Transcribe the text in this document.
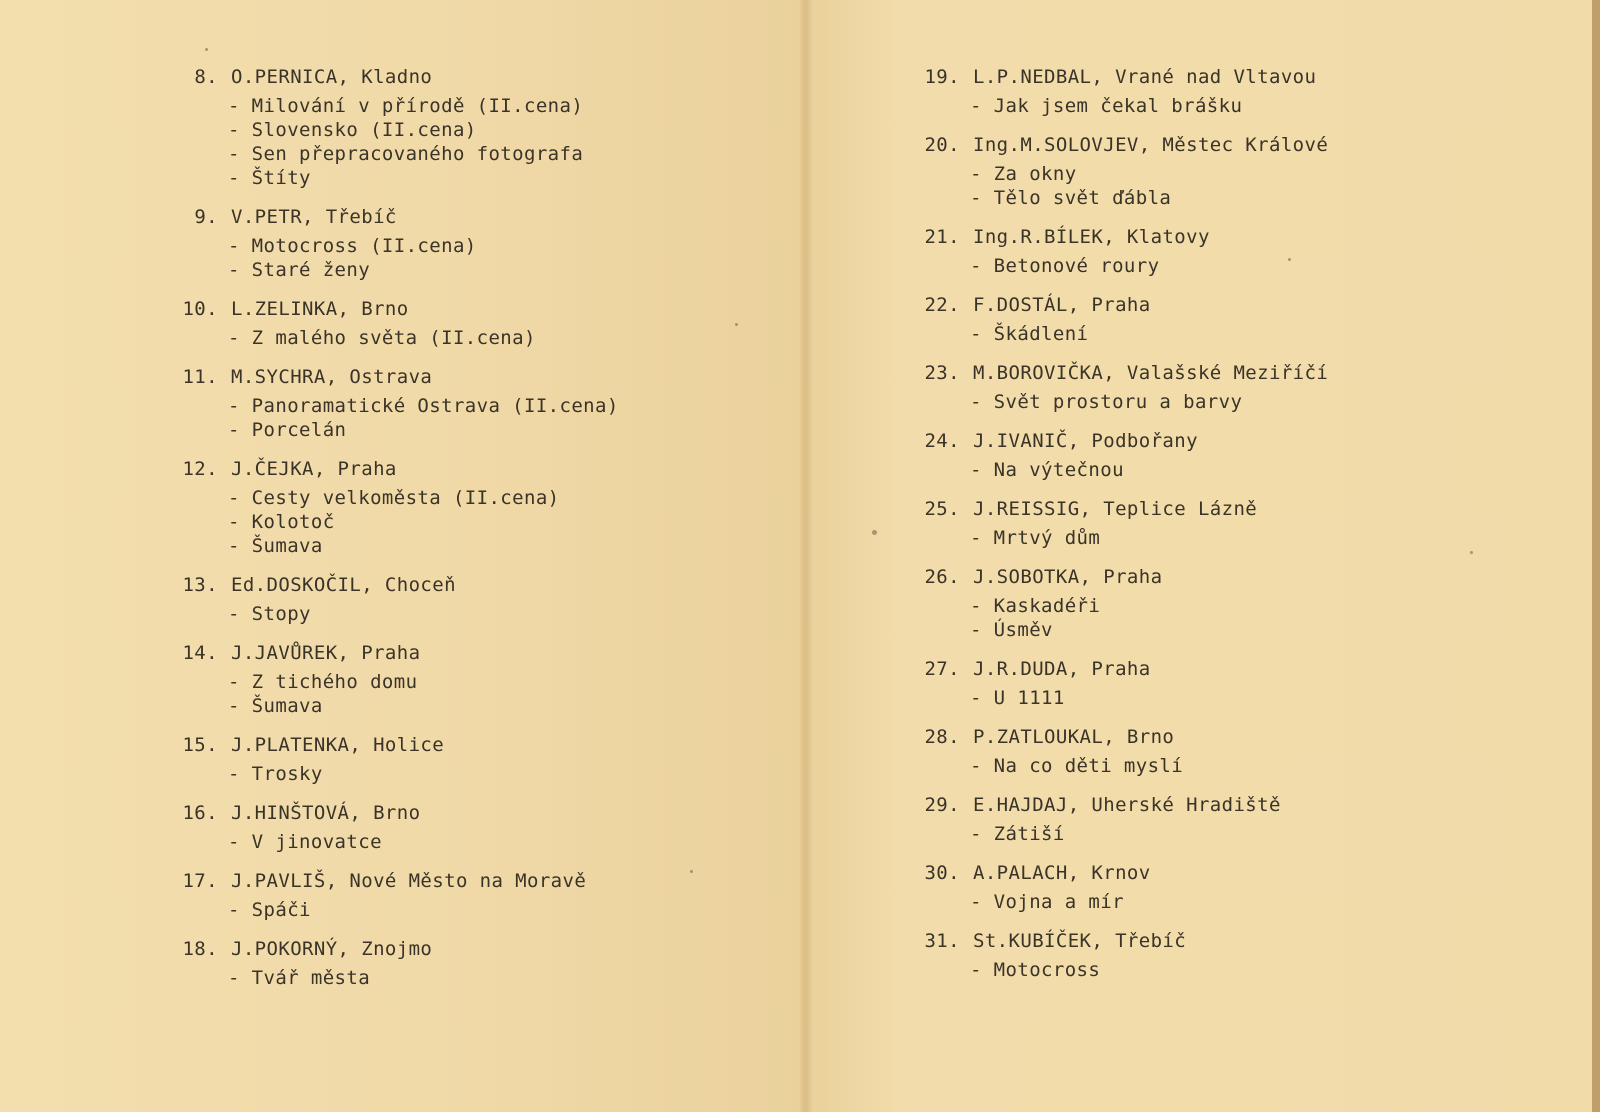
8. O.PERNICA, Kladno
- Milování v přírodě (II.cena)
- Slovensko (II.cena)
- Sen přepracovaného fotografa
- Štíty
9. V.PETR, Třebíč
- Motocross (II.cena)
- Staré ženy
10. L.ZELINKA, Brno
- Z malého světa (II.cena)
11. M.SYCHRA, Ostrava
- Panoramatické Ostrava (II.cena)
- Porcelán
12. J.ČEJKA, Praha
- Cesty velkoměsta (II.cena)
- Kolotoč
- Šumava
13. Ed.DOSKOČIL, Choceň
- Stopy
14. J.JAVŮREK, Praha
- Z tichého domu
- Šumava
15. J.PLATENKA, Holice
- Trosky
16. J.HINŠTOVÁ, Brno
- V jinovatce
17. J.PAVLIŠ, Nové Město na Moravě
- Spáči
18. J.POKORNÝ, Znojmo
- Tvář města
19. L.P.NEDBAL, Vrané nad Vltavou
- Jak jsem čekal brášku
20. Ing.M.SOLOVJEV, Městec Králové
- Za okny
- Tělo svět ďábla
21. Ing.R.BÍLEK, Klatovy
- Betonové roury
22. F.DOSTÁL, Praha
- Škádlení
23. M.BOROVIČKA, Valašské Meziříčí
- Svět prostoru a barvy
24. J.IVANIČ, Podbořany
- Na výtečnou
25. J.REISSIG, Teplice Lázně
- Mrtvý dům
26. J.SOBOTKA, Praha
- Kaskadéři
- Úsměv
27. J.R.DUDA, Praha
- U 1111
28. P.ZATLOUKAL, Brno
- Na co děti myslí
29. E.HAJDAJ, Uherské Hradiště
- Zátiší
30. A.PALACH, Krnov
- Vojna a mír
31. St.KUBÍČEK, Třebíč
- Motocross
